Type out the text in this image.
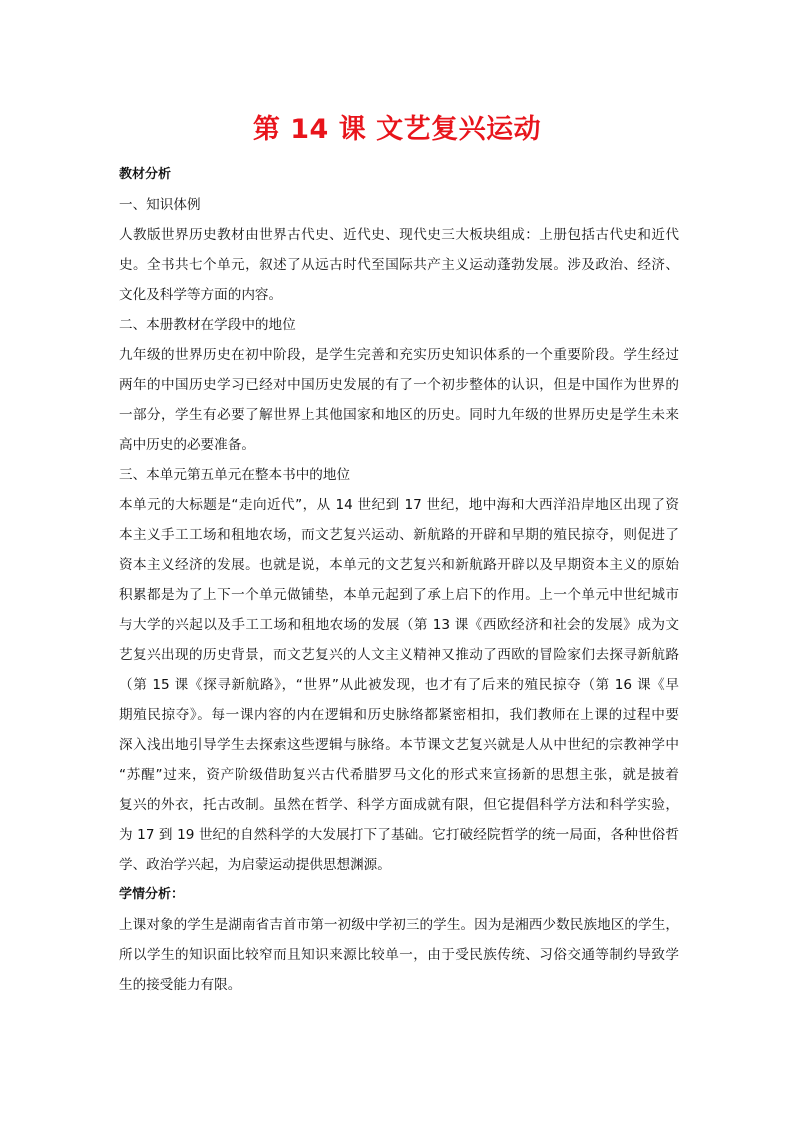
第 14 课 文艺复兴运动
教材分析
一、知识体例
人教版世界历史教材由世界古代史、近代史、现代史三大板块组成：上册包括古代史和近代
史。全书共七个单元，叙述了从远古时代至国际共产主义运动蓬勃发展。涉及政治、经济、
文化及科学等方面的内容。
二、本册教材在学段中的地位
九年级的世界历史在初中阶段，是学生完善和充实历史知识体系的一个重要阶段。学生经过
两年的中国历史学习已经对中国历史发展的有了一个初步整体的认识，但是中国作为世界的
一部分，学生有必要了解世界上其他国家和地区的历史。同时九年级的世界历史是学生未来
高中历史的必要准备。
三、本单元第五单元在整本书中的地位
本单元的大标题是“走向近代”，从 14 世纪到 17 世纪，地中海和大西洋沿岸地区出现了资
本主义手工工场和租地农场，而文艺复兴运动、新航路的开辟和早期的殖民掠夺，则促进了
资本主义经济的发展。也就是说，本单元的文艺复兴和新航路开辟以及早期资本主义的原始
积累都是为了上下一个单元做铺垫，本单元起到了承上启下的作用。上一个单元中世纪城市
与大学的兴起以及手工工场和租地农场的发展（第 13 课《西欧经济和社会的发展》成为文
艺复兴出现的历史背景，而文艺复兴的人文主义精神又推动了西欧的冒险家们去探寻新航路
（第 15 课《探寻新航路》，“世界”从此被发现，也才有了后来的殖民掠夺（第 16 课《早
期殖民掠夺》。每一课内容的内在逻辑和历史脉络都紧密相扣，我们教师在上课的过程中要
深入浅出地引导学生去探索这些逻辑与脉络。本节课文艺复兴就是人从中世纪的宗教神学中
“苏醒”过来，资产阶级借助复兴古代希腊罗马文化的形式来宣扬新的思想主张，就是披着
复兴的外衣，托古改制。虽然在哲学、科学方面成就有限，但它提倡科学方法和科学实验，
为 17 到 19 世纪的自然科学的大发展打下了基础。它打破经院哲学的统一局面，各种世俗哲
学、政治学兴起，为启蒙运动提供思想渊源。
学情分析：
上课对象的学生是湖南省吉首市第一初级中学初三的学生。因为是湘西少数民族地区的学生，
所以学生的知识面比较窄而且知识来源比较单一，由于受民族传统、习俗交通等制约导致学
生的接受能力有限。
